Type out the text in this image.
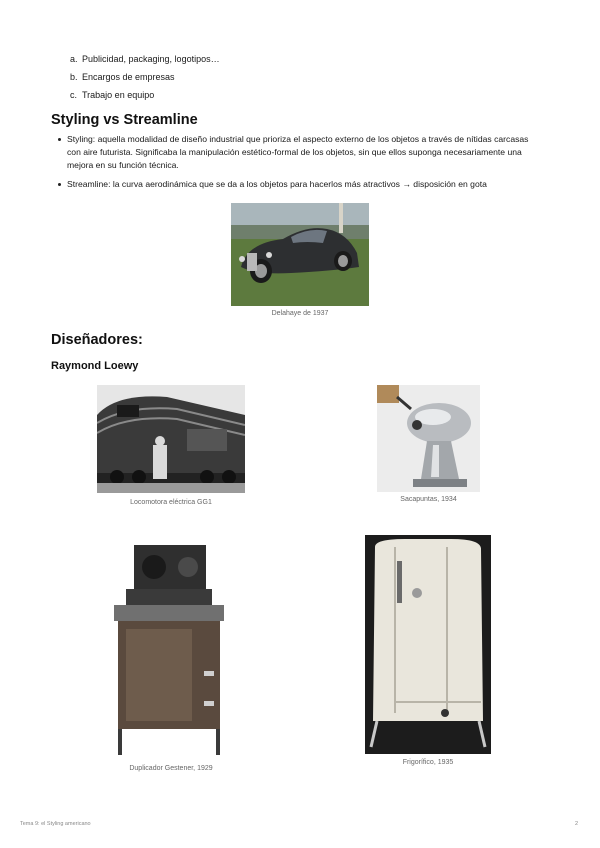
a. Publicidad, packaging, logotipos…
b. Encargos de empresas
c. Trabajo en equipo
Styling vs Streamline
Styling: aquella modalidad de diseño industrial que prioriza el aspecto externo de los objetos a través de nítidas carcasas con aire futurista. Significaba la manipulación estético-formal de los objetos, sin que ellos suponga necesariamente una mejora en su función técnica.
Streamline: la curva aerodinámica que se da a los objetos para hacerlos más atractivos → disposición en gota
Delahaye de 1937
Diseñadores:
Raymond Loewy
Locomotora eléctrica GG1	Sacapuntas, 1934
Duplicador Gestener, 1929
Frigorífico, 1935
Tema 9: el Styling americano	2
